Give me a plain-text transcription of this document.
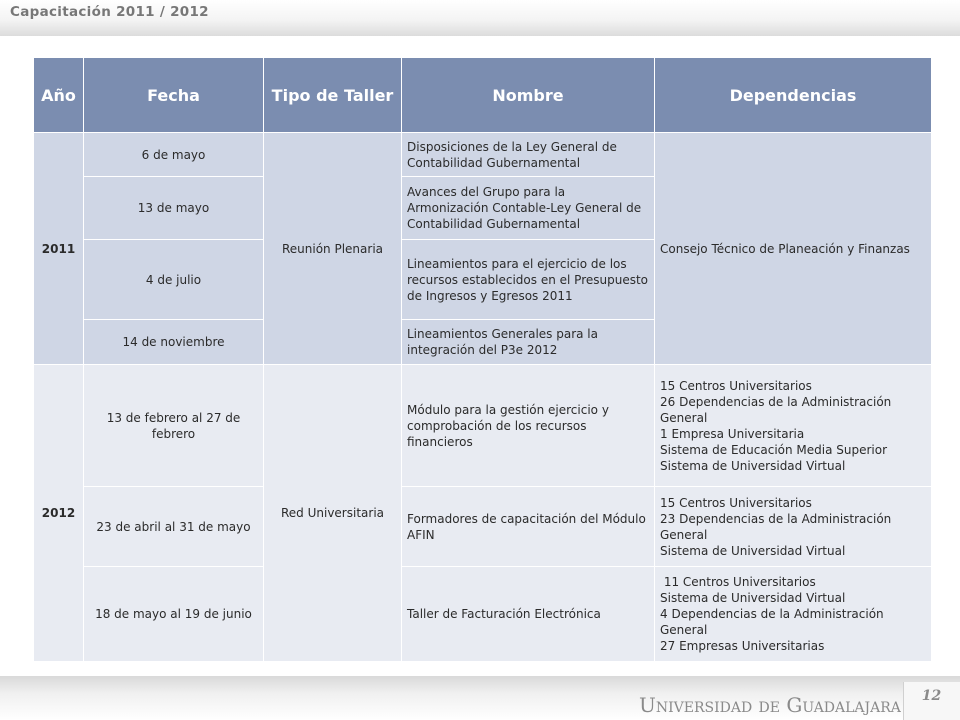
Capacitación 2011 / 2012
Año	Fecha	Tipo de Taller	Nombre	Dependencias
2011	6 de mayo	Reunión Plenaria	Disposiciones de la Ley General de Contabilidad Gubernamental	Consejo Técnico de Planeación y Finanzas
	13 de mayo		Avances del Grupo para la Armonización Contable-Ley General de Contabilidad Gubernamental	
	4 de julio		Lineamientos para el ejercicio de los recursos establecidos en el Presupuesto de Ingresos y Egresos 2011	
	14 de noviembre		Lineamientos Generales para la integración del P3e 2012	
2012	13 de febrero al 27 de febrero	Red Universitaria	Módulo para la gestión ejercicio y comprobación de los recursos financieros	15 Centros Universitarios
26 Dependencias de la Administración General
1 Empresa Universitaria
Sistema de Educación Media Superior
Sistema de Universidad Virtual

	23 de abril al 31 de mayo		Formadores de capacitación del Módulo AFIN	15 Centros Universitarios
23 Dependencias de la Administración General
Sistema de Universidad Virtual

	18 de mayo al 19 de junio		Taller de Facturación Electrónica	11 Centros Universitarios
Sistema de Universidad Virtual
4 Dependencias de la Administración General
27 Empresas Universitarias
Universidad de Guadalajara	12
